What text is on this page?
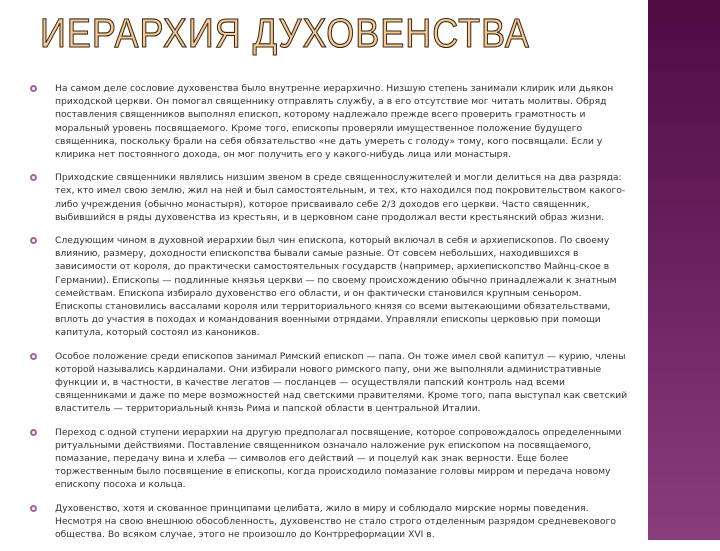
ИЕРАРХИЯ ДУХОВЕНСТВА
На самом деле сословие духовенства было внутренне иерархично. Низшую степень занимали клирик или дьякон приходской церкви. Он помогал священнику отправлять службу, а в его отсутствие мог читать молитвы. Обряд поставления священников выполнял епископ, которому надлежало прежде всего проверить грамотность и моральный уровень посвящаемого. Кроме того, епископы проверяли имущественное положение будущего священника, поскольку брали на себя обязательство «не дать умереть с голоду» тому, кого посвящали. Если у клирика нет постоянного дохода, он мог получить его у какого-нибудь лица или монастыря.
Приходские священники являлись низшим звеном в среде священнослужителей и могли делиться на два разряда: тех, кто имел свою землю, жил на ней и был самостоятельным, и тех, кто находился под покровительством какого-либо учреждения (обычно монастыря), которое присваивало себе 2/3 доходов его церкви. Часто священник, выбившийся в ряды духовенства из крестьян, и в церковном сане продолжал вести крестьянский образ жизни.
Следующим чином в духовной иерархии был чин епископа, который включал в себя и архиепископов. По своему влиянию, размеру, доходности епископства бывали самые разные. От совсем небольших, находившихся в зависимости от короля, до практически самостоятельных государств (например, архиепископство Майнц-ское в Германии). Епископы — подлинные князья церкви — по своему происхождению обычно принадлежали к знатным семействам. Епископа избирало духовенство его области, и он фактически становился крупным сеньором. Епископы становились вассалами короля или территориального князя со всеми вытекающими обязательствами, вплоть до участия в походах и командования военными отрядами. Управляли епископы церковью при помощи капитула, который состоял из каноников.
Особое положение среди епископов занимал Римский епископ — папа. Он тоже имел свой капитул — курию, члены которой назывались кардиналами. Они избирали нового римского папу, они же выполняли административные функции и, в частности, в качестве легатов — посланцев — осуществляли папский контроль над всеми священниками и даже по мере возможностей над светскими правителями. Кроме того, папа выступал как светский властитель — территориальный князь Рима и папской области в центральной Италии.
Переход с одной ступени иерархии на другую предполагал посвящение, которое сопровождалось определенными ритуальными действиями. Поставление священником означало наложение рук епископом на посвящаемого, помазание, передачу вина и хлеба — символов его действий — и поцелуй как знак верности. Еще более торжественным было посвящение в епископы, когда происходило помазание головы мирром и передача новому епископу посоха и кольца.
Духовенство, хотя и скованное принципами целибата, жило в миру и соблюдало мирские нормы поведения. Несмотря на свою внешнюю обособленность, духовенство не стало строго отделенным разрядом средневекового общества. Во всяком случае, этого не произошло до Контрреформации XVI в.
